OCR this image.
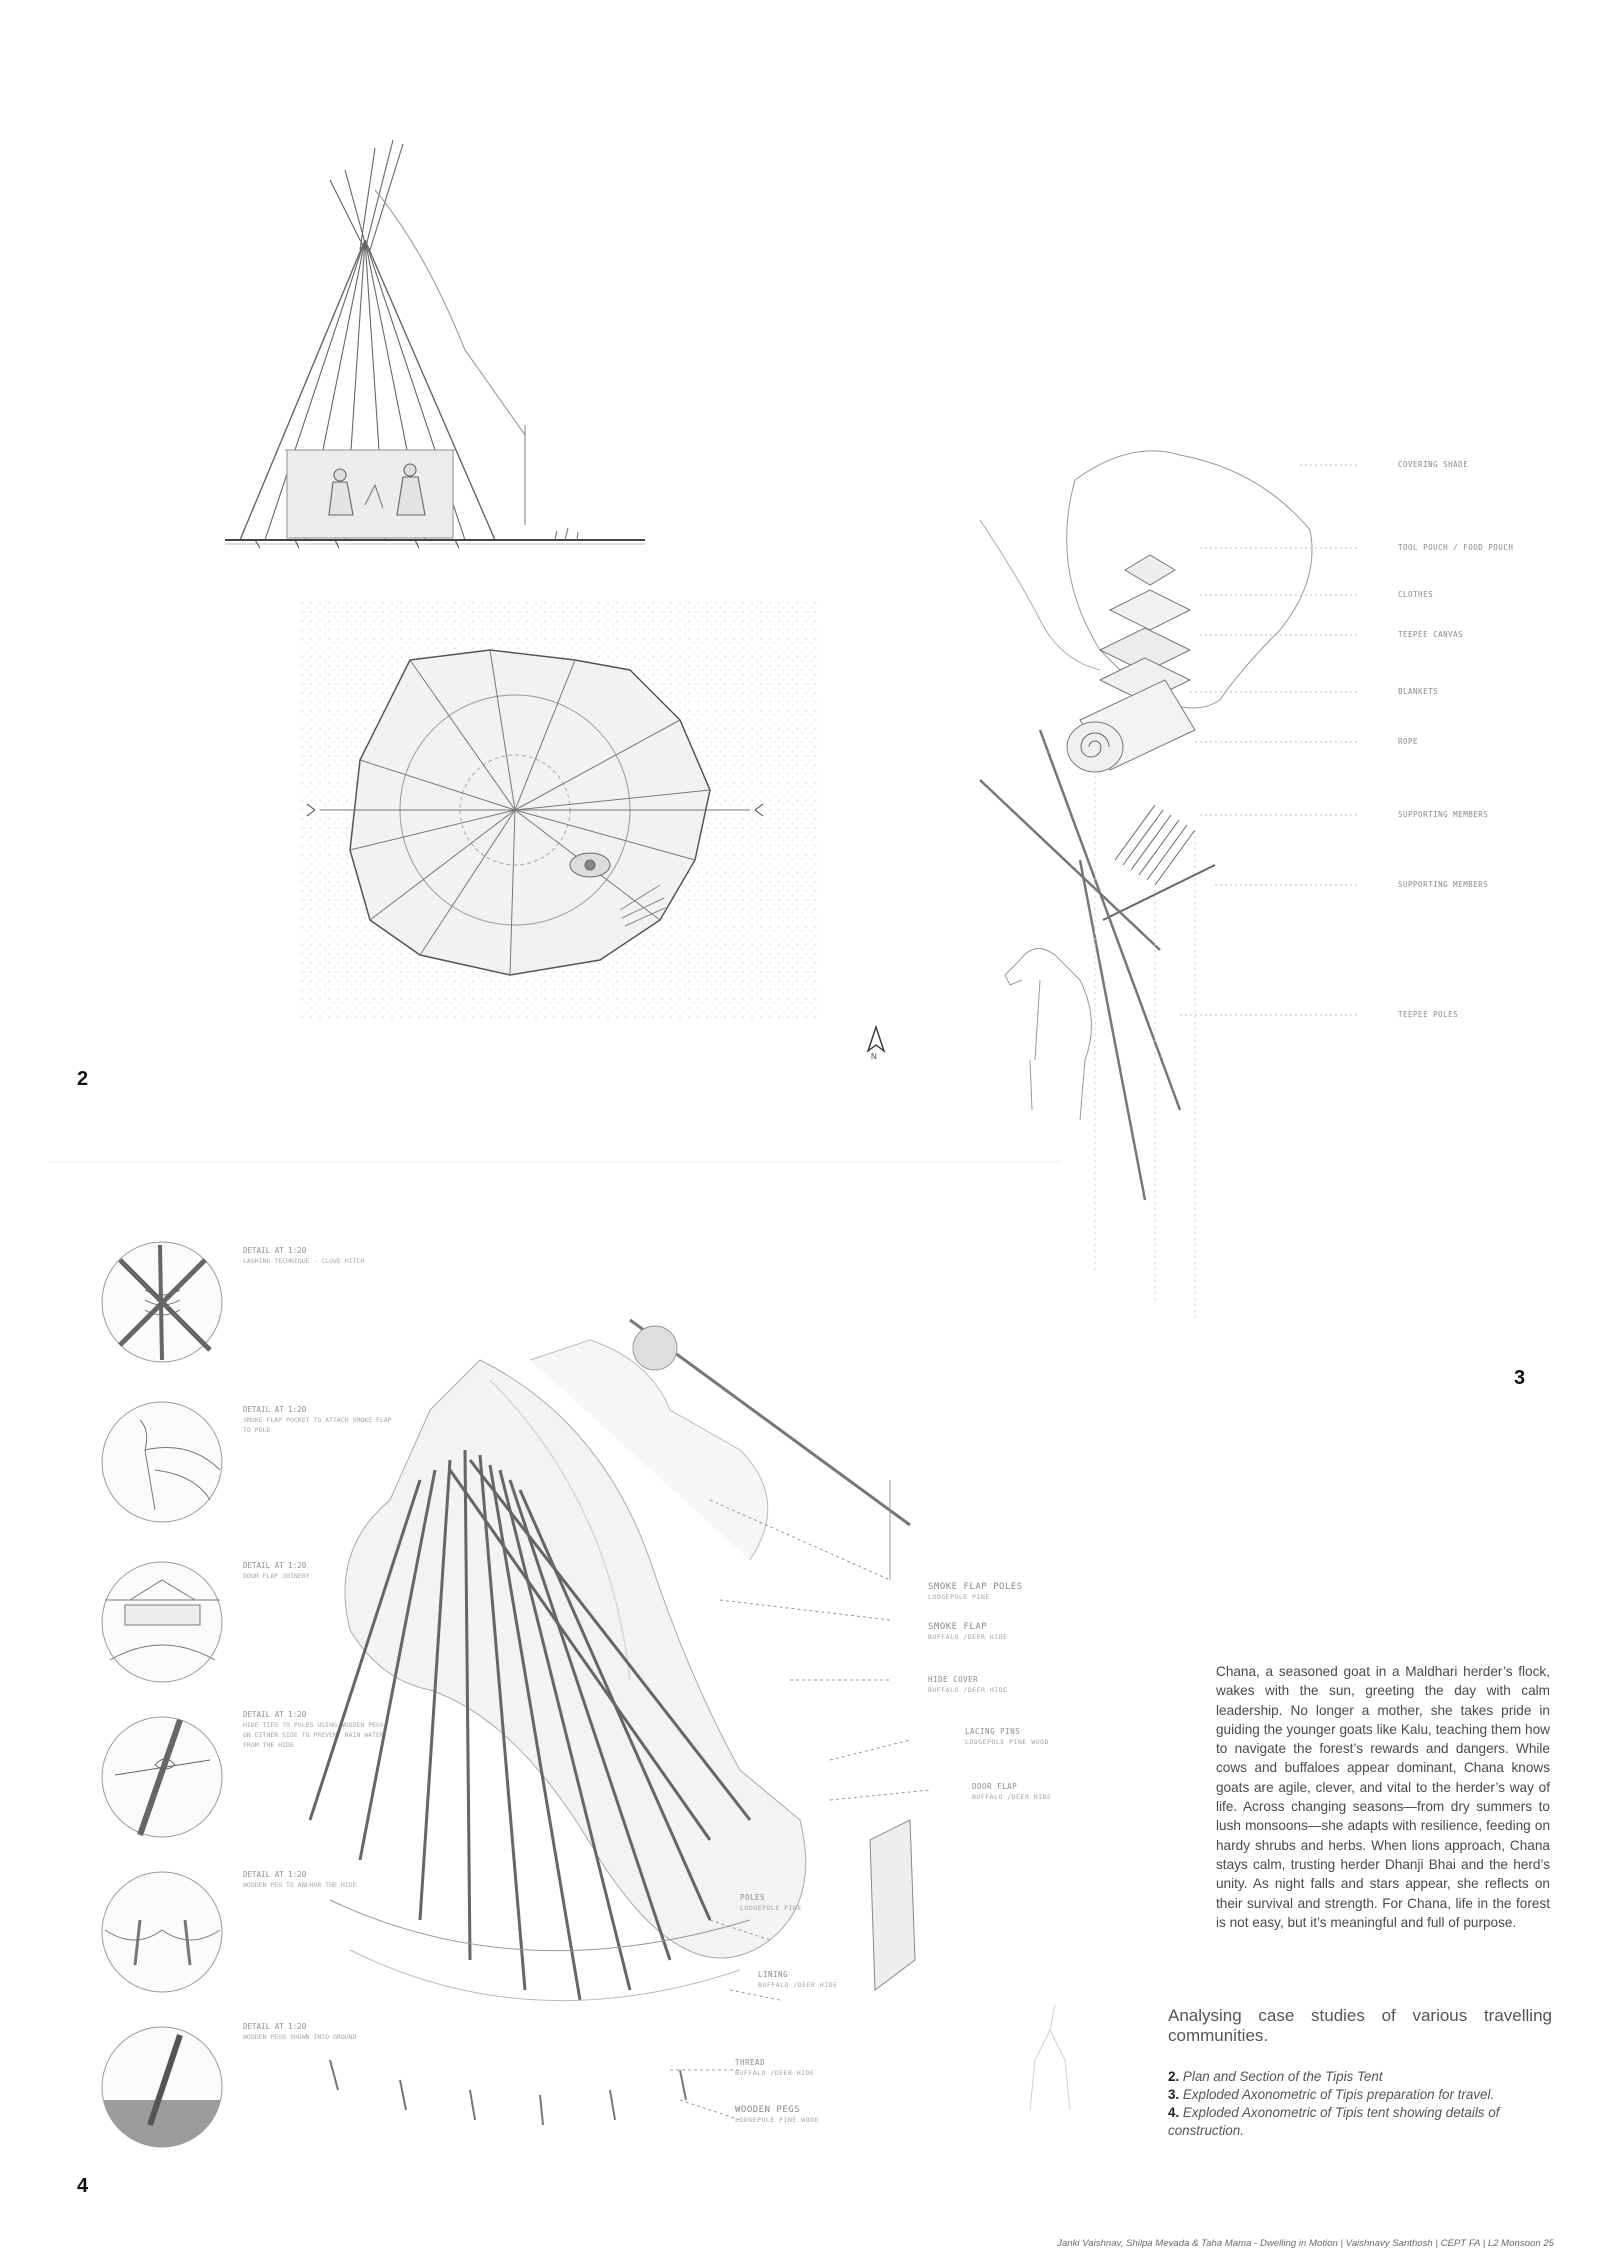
N
2
COVERING SHADE
TOOL POUCH / FOOD POUCH
CLOTHES
TEEPEE CANVAS
BLANKETS
ROPE
SUPPORTING MEMBERS
SUPPORTING MEMBERS
TEEPEE POLES
3
DETAIL AT 1:20
LASHING TECHNIQUE - CLOVE HITCH
DETAIL AT 1:20
SMOKE FLAP POCKET TO ATTACH SMOKE FLAP TO POLE
DETAIL AT 1:20
DOOR FLAP JOINERY
DETAIL AT 1:20
HIDE TIED TO POLES USING WOODEN PEGS ON EITHER SIDE TO PREVENT RAIN WATER FROM THE HIDE
DETAIL AT 1:20
WOODEN PEG TO ANCHOR THE HIDE
DETAIL AT 1:20
WOODEN PEGS SHOWN INTO GROUND
SMOKE FLAP POLES
LODGEPOLE PINE
SMOKE FLAP
BUFFALO /DEER HIDE
HIDE COVER
BUFFALO /DEER HIDE
LACING PINS
LODGEPOLE PINE WOOD
DOOR FLAP
BUFFALO /DEER HIDE
POLES
LODGEPOLE PINE
LINING
BUFFALO /DEER HIDE
THREAD
BUFFALO /DEER HIDE
WOODEN PEGS
LODGEPOLE PINE WOOD
4
Chana, a seasoned goat in a Maldhari herder’s flock, wakes with the sun, greeting the day with calm leadership. No longer a mother, she takes pride in guiding the younger goats like Kalu, teaching them how to navigate the forest’s rewards and dangers. While cows and buffaloes appear dominant, Chana knows goats are agile, clever, and vital to the herder’s way of life. Across changing seasons—from dry summers to lush monsoons—she adapts with resilience, feeding on hardy shrubs and herbs. When lions approach, Chana stays calm, trusting herder Dhanji Bhai and the herd’s unity. As night falls and stars appear, she reflects on their survival and strength. For Chana, life in the forest is not easy, but it’s meaningful and full of purpose.
Analysing case studies of various travelling communities.
2. Plan and Section of the Tipis Tent
3. Exploded Axonometric of Tipis preparation for travel.
4. Exploded Axonometric of Tipis tent showing details of construction.
Janki Vaishnav, Shilpa Mevada & Taha Mama - Dwelling in Motion | Vaishnavy Santhosh | CEPT FA | L2 Monsoon 25
